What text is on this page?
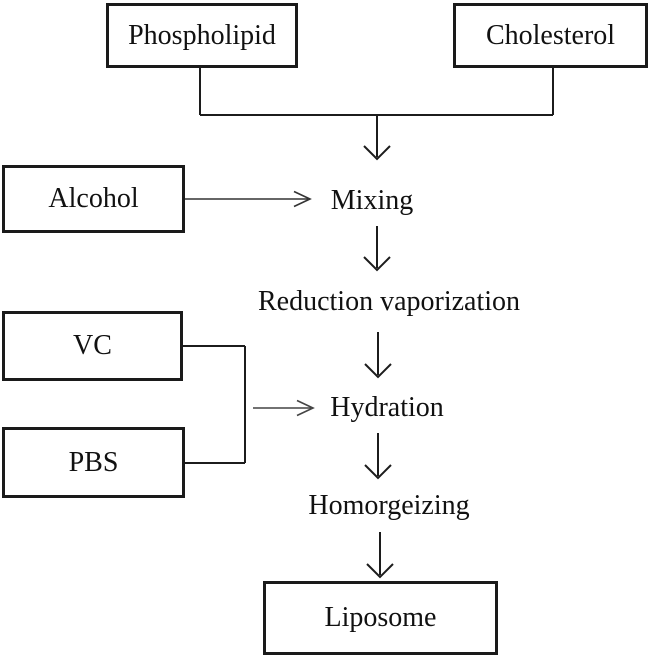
Phospholipid	Cholesterol
Alcohol
VC
PBS
Liposome
Mixing
Reduction vaporization
Hydration
Homorgeizing
